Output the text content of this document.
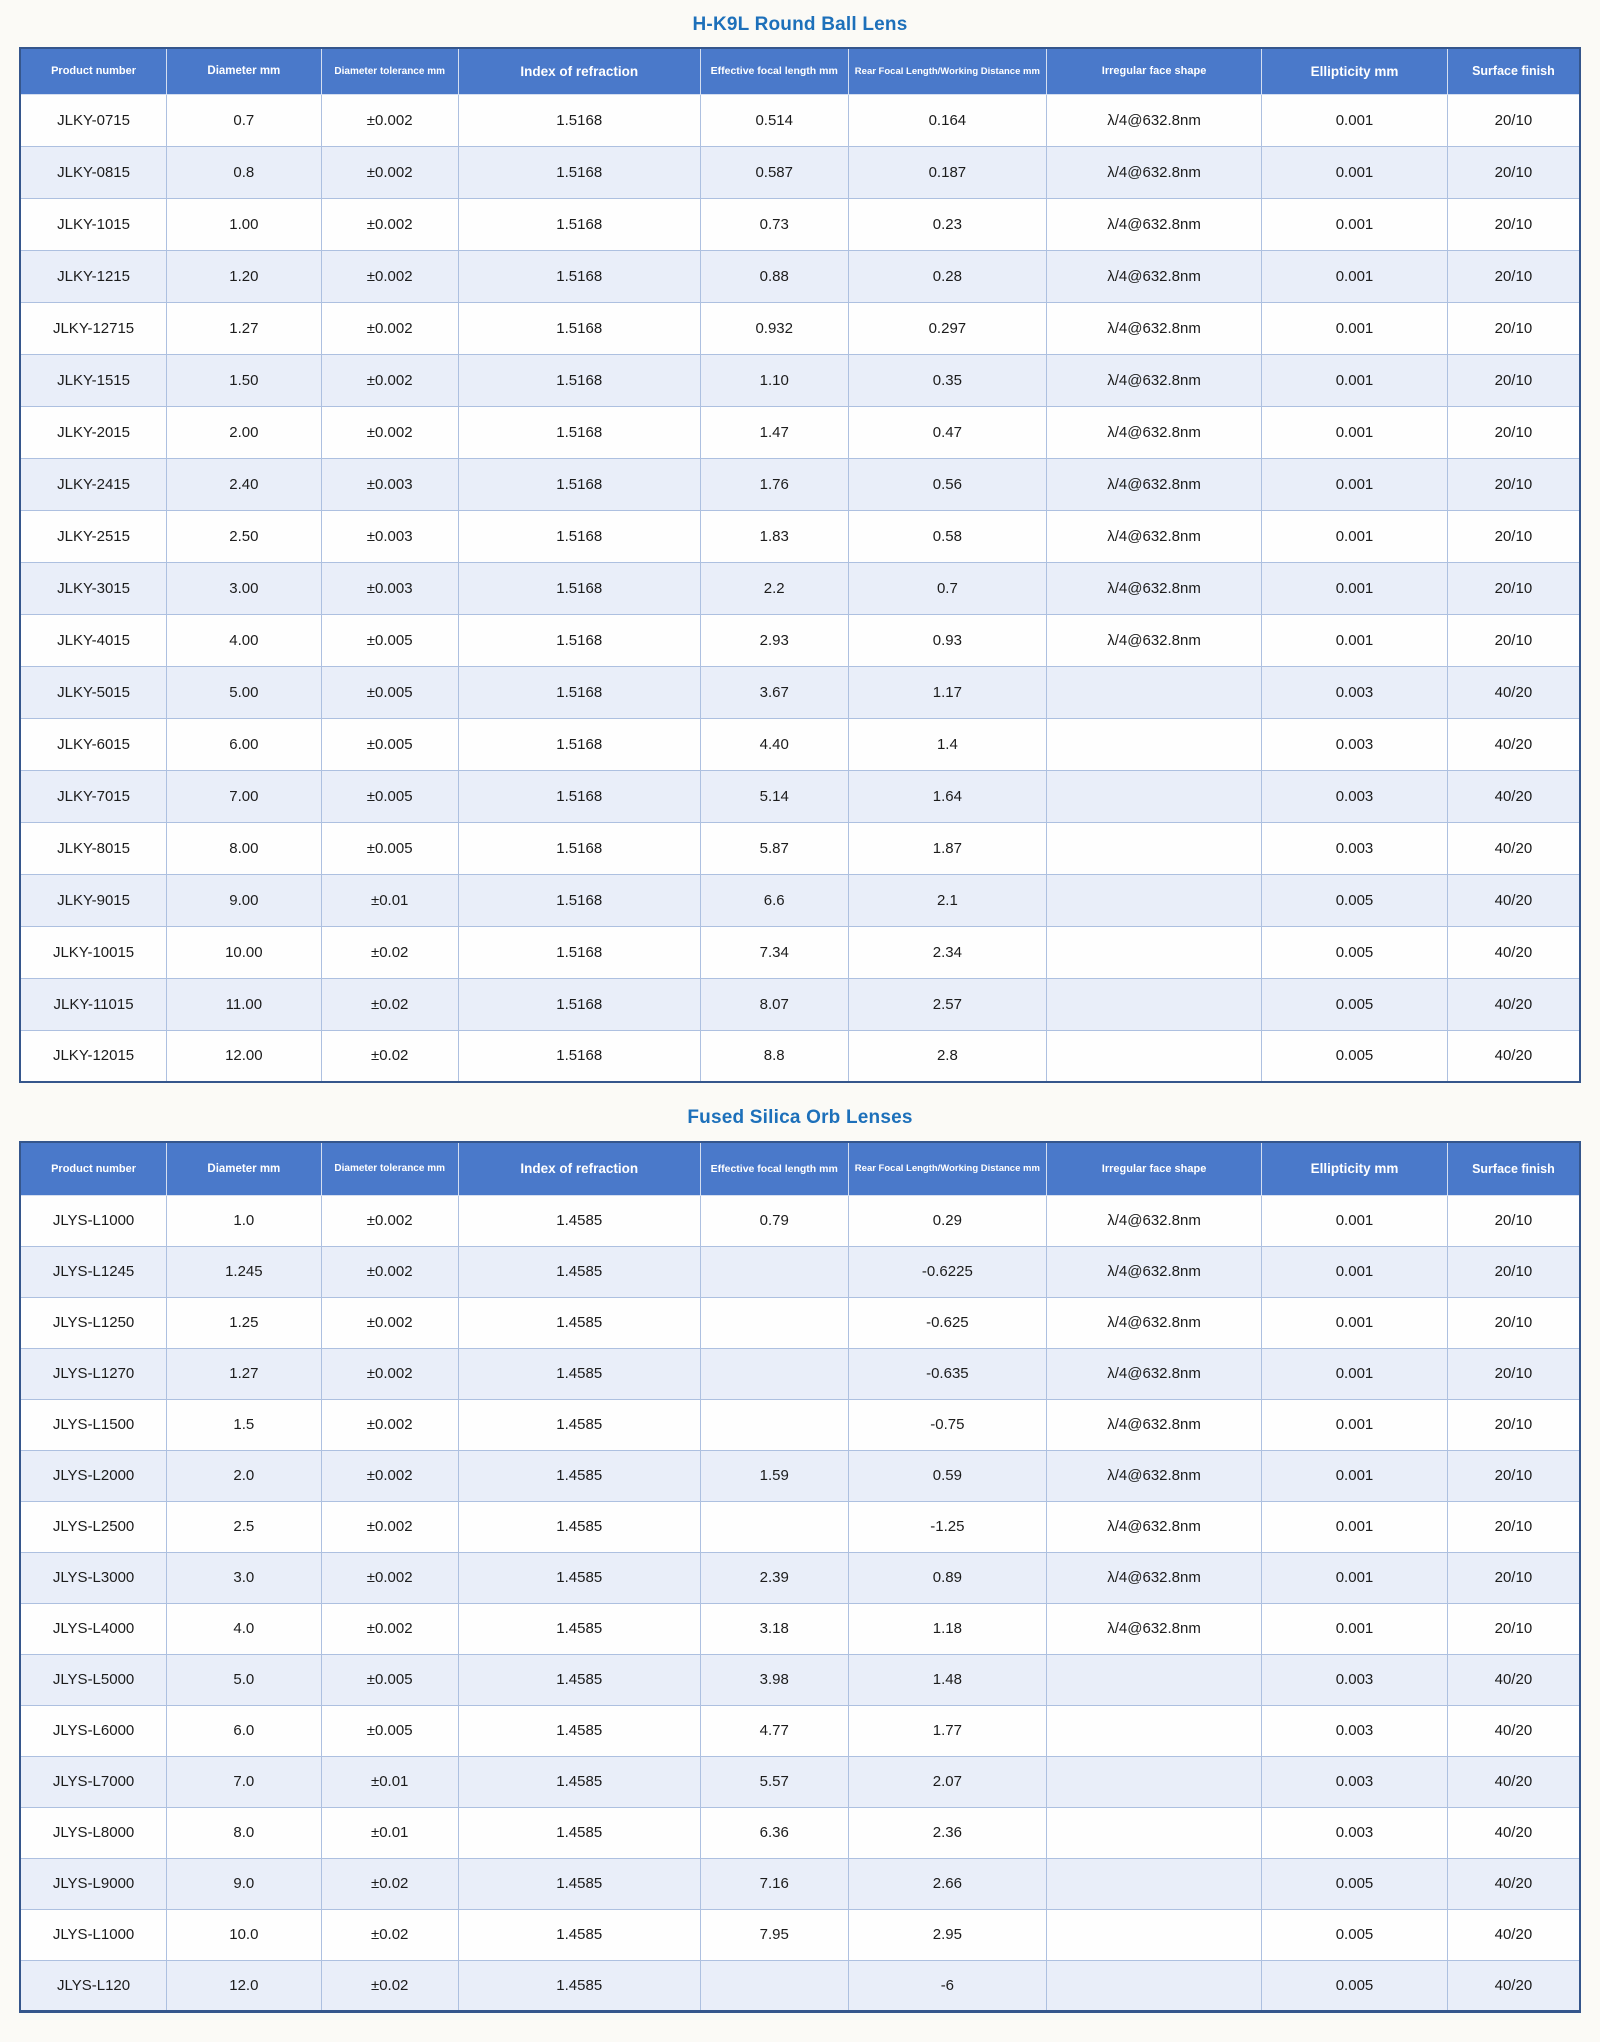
H-K9L Round Ball Lens
Product number	Diameter mm	Diameter tolerance mm	Index of refraction	Effective focal length mm	Rear Focal Length/Working Distance mm	Irregular face shape	Ellipticity mm	Surface finish
JLKY-0715	0.7	±0.002	1.5168	0.514	0.164	λ/4@632.8nm	0.001	20/10
JLKY-0815	0.8	±0.002	1.5168	0.587	0.187	λ/4@632.8nm	0.001	20/10
JLKY-1015	1.00	±0.002	1.5168	0.73	0.23	λ/4@632.8nm	0.001	20/10
JLKY-1215	1.20	±0.002	1.5168	0.88	0.28	λ/4@632.8nm	0.001	20/10
JLKY-12715	1.27	±0.002	1.5168	0.932	0.297	λ/4@632.8nm	0.001	20/10
JLKY-1515	1.50	±0.002	1.5168	1.10	0.35	λ/4@632.8nm	0.001	20/10
JLKY-2015	2.00	±0.002	1.5168	1.47	0.47	λ/4@632.8nm	0.001	20/10
JLKY-2415	2.40	±0.003	1.5168	1.76	0.56	λ/4@632.8nm	0.001	20/10
JLKY-2515	2.50	±0.003	1.5168	1.83	0.58	λ/4@632.8nm	0.001	20/10
JLKY-3015	3.00	±0.003	1.5168	2.2	0.7	λ/4@632.8nm	0.001	20/10
JLKY-4015	4.00	±0.005	1.5168	2.93	0.93	λ/4@632.8nm	0.001	20/10
JLKY-5015	5.00	±0.005	1.5168	3.67	1.17		0.003	40/20
JLKY-6015	6.00	±0.005	1.5168	4.40	1.4		0.003	40/20
JLKY-7015	7.00	±0.005	1.5168	5.14	1.64		0.003	40/20
JLKY-8015	8.00	±0.005	1.5168	5.87	1.87		0.003	40/20
JLKY-9015	9.00	±0.01	1.5168	6.6	2.1		0.005	40/20
JLKY-10015	10.00	±0.02	1.5168	7.34	2.34		0.005	40/20
JLKY-11015	11.00	±0.02	1.5168	8.07	2.57		0.005	40/20
JLKY-12015	12.00	±0.02	1.5168	8.8	2.8		0.005	40/20
Fused Silica Orb Lenses
Product number	Diameter mm	Diameter tolerance mm	Index of refraction	Effective focal length mm	Rear Focal Length/Working Distance mm	Irregular face shape	Ellipticity mm	Surface finish
JLYS-L1000	1.0	±0.002	1.4585	0.79	0.29	λ/4@632.8nm	0.001	20/10
JLYS-L1245	1.245	±0.002	1.4585		-0.6225	λ/4@632.8nm	0.001	20/10
JLYS-L1250	1.25	±0.002	1.4585		-0.625	λ/4@632.8nm	0.001	20/10
JLYS-L1270	1.27	±0.002	1.4585		-0.635	λ/4@632.8nm	0.001	20/10
JLYS-L1500	1.5	±0.002	1.4585		-0.75	λ/4@632.8nm	0.001	20/10
JLYS-L2000	2.0	±0.002	1.4585	1.59	0.59	λ/4@632.8nm	0.001	20/10
JLYS-L2500	2.5	±0.002	1.4585		-1.25	λ/4@632.8nm	0.001	20/10
JLYS-L3000	3.0	±0.002	1.4585	2.39	0.89	λ/4@632.8nm	0.001	20/10
JLYS-L4000	4.0	±0.002	1.4585	3.18	1.18	λ/4@632.8nm	0.001	20/10
JLYS-L5000	5.0	±0.005	1.4585	3.98	1.48		0.003	40/20
JLYS-L6000	6.0	±0.005	1.4585	4.77	1.77		0.003	40/20
JLYS-L7000	7.0	±0.01	1.4585	5.57	2.07		0.003	40/20
JLYS-L8000	8.0	±0.01	1.4585	6.36	2.36		0.003	40/20
JLYS-L9000	9.0	±0.02	1.4585	7.16	2.66		0.005	40/20
JLYS-L1000	10.0	±0.02	1.4585	7.95	2.95		0.005	40/20
JLYS-L120	12.0	±0.02	1.4585		-6		0.005	40/20
